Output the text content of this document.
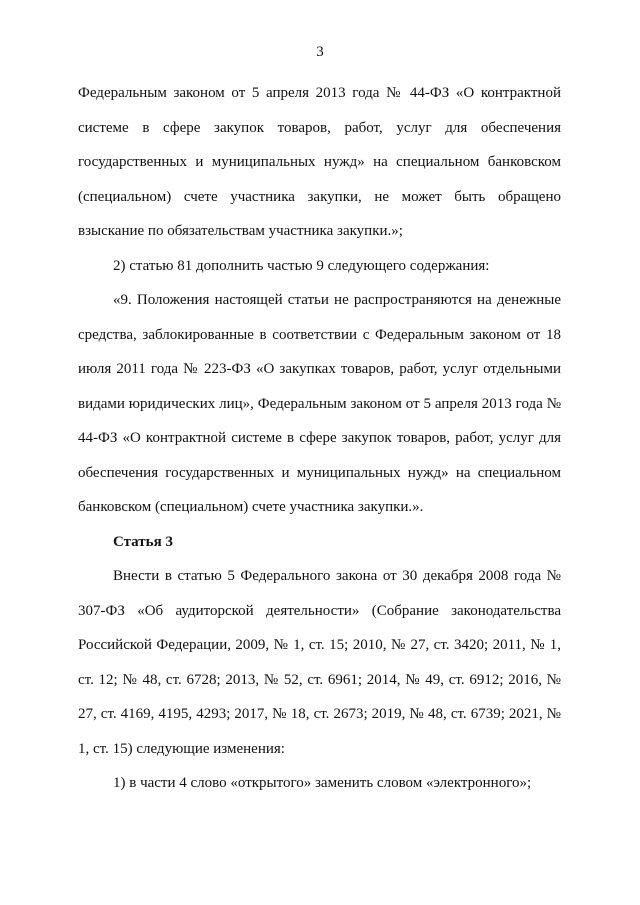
3

Федеральным законом от 5 апреля 2013 года № 44-ФЗ «О контрактной системе в сфере закупок товаров, работ, услуг для обеспечения государственных и муниципальных нужд» на специальном банковском (специальном) счете участника закупки, не может быть обращено взыскание по обязательствам участника закупки.»;

2) статью 81 дополнить частью 9 следующего содержания:

«9. Положения настоящей статьи не распространяются на денежные средства, заблокированные в соответствии с Федеральным законом от 18 июля 2011 года № 223-ФЗ «О закупках товаров, работ, услуг отдельными видами юридических лиц», Федеральным законом от 5 апреля 2013 года № 44-ФЗ «О контрактной системе в сфере закупок товаров, работ, услуг для обеспечения государственных и муниципальных нужд» на специальном банковском (специальном) счете участника закупки.».

Статья 3

Внести в статью 5 Федерального закона от 30 декабря 2008 года № 307-ФЗ «Об аудиторской деятельности» (Собрание законодательства Российской Федерации, 2009, № 1, ст. 15; 2010, № 27, ст. 3420; 2011, № 1, ст. 12; № 48, ст. 6728; 2013, № 52, ст. 6961; 2014, № 49, ст. 6912; 2016, № 27, ст. 4169, 4195, 4293; 2017, № 18, ст. 2673; 2019, № 48, ст. 6739; 2021, № 1, ст. 15) следующие изменения:

1) в части 4 слово «открытого» заменить словом «электронного»;
